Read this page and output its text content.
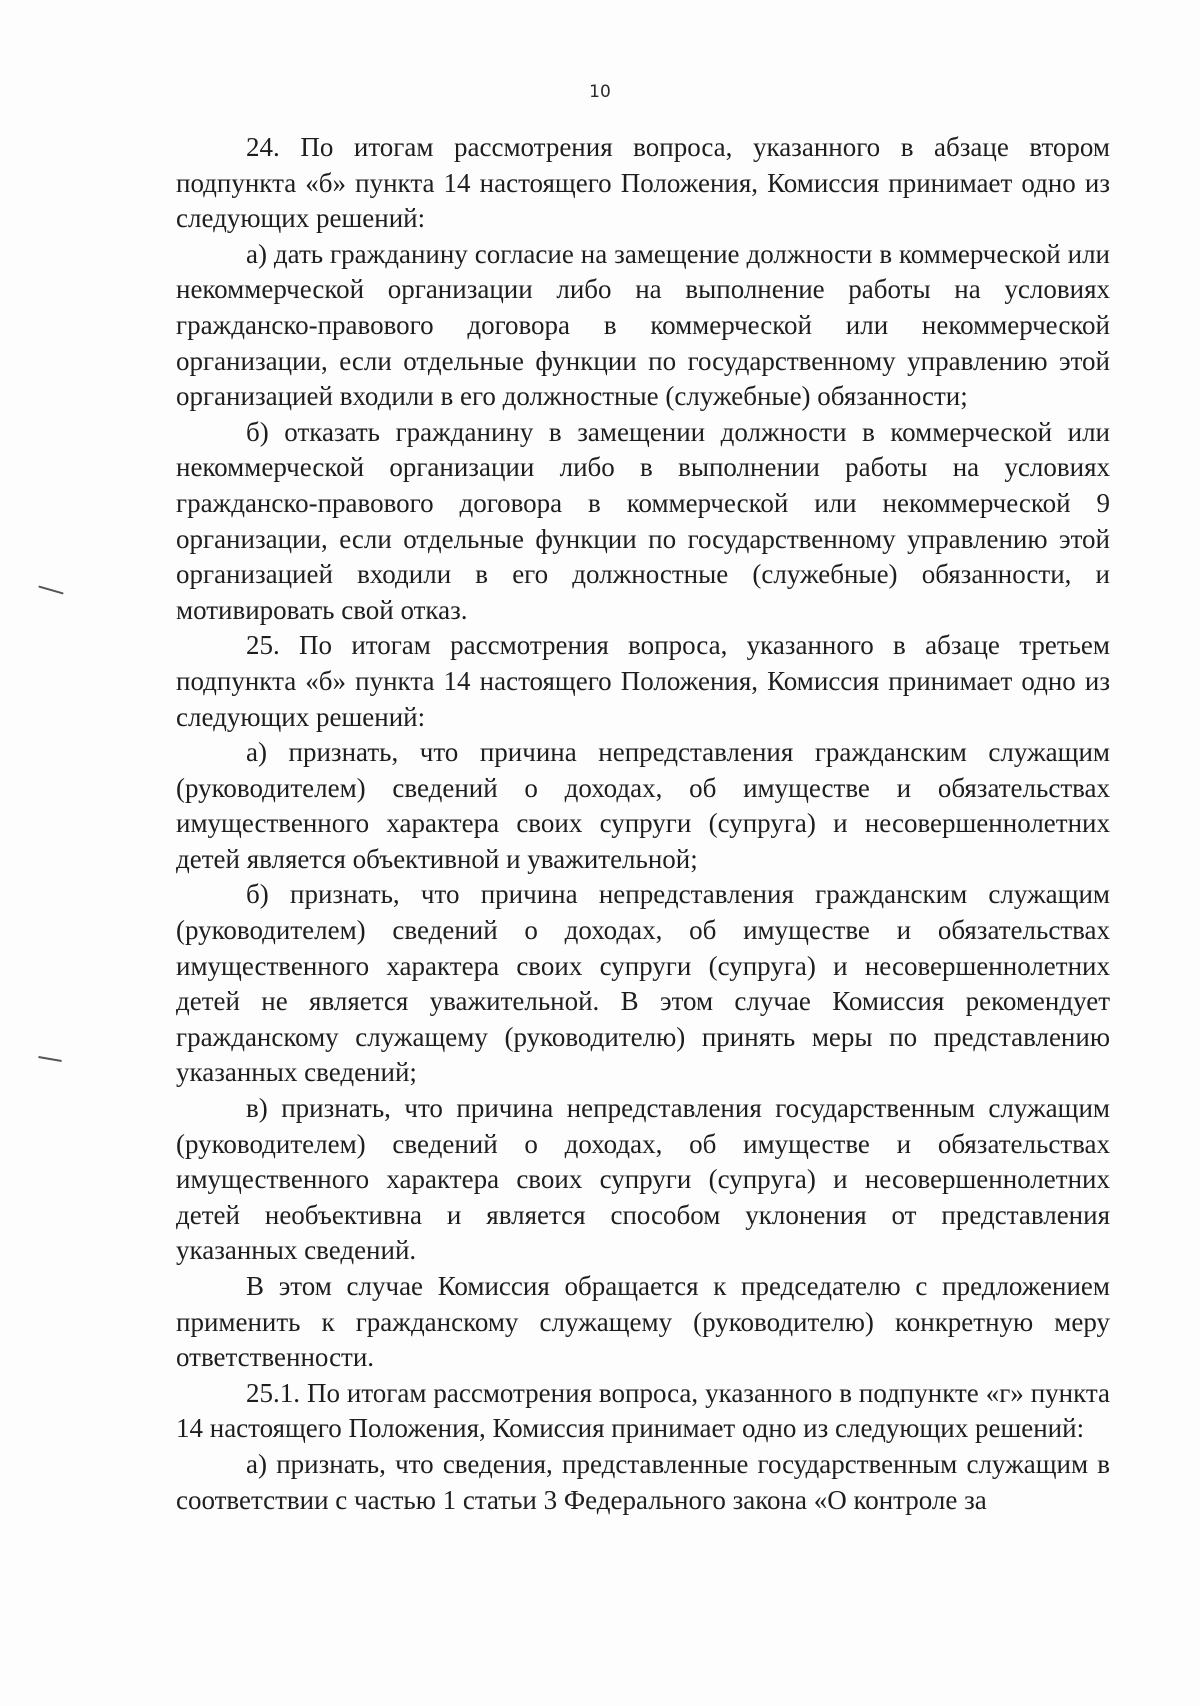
10

24. По итогам рассмотрения вопроса, указанного в абзаце втором подпункта «б» пункта 14 настоящего Положения, Комиссия принимает одно из следующих решений:

а) дать гражданину согласие на замещение должности в коммерческой или некоммерческой организации либо на выполнение работы на условиях гражданско-правового договора в коммерческой или некоммерческой организации, если отдельные функции по государственному управлению этой организацией входили в его должностные (служебные) обязанности;

б) отказать гражданину в замещении должности в коммерческой или некоммерческой организации либо в выполнении работы на условиях гражданско-правового договора в коммерческой или некоммерческой 9 организации, если отдельные функции по государственному управлению этой организацией входили в его должностные (служебные) обязанности, и мотивировать свой отказ.

25. По итогам рассмотрения вопроса, указанного в абзаце третьем подпункта «б» пункта 14 настоящего Положения, Комиссия принимает одно из следующих решений:

а) признать, что причина непредставления гражданским служащим (руководителем) сведений о доходах, об имуществе и обязательствах имущественного характера своих супруги (супруга) и несовершеннолетних детей является объективной и уважительной;

б) признать, что причина непредставления гражданским служащим (руководителем) сведений о доходах, об имуществе и обязательствах имущественного характера своих супруги (супруга) и несовершеннолетних детей не является уважительной. В этом случае Комиссия рекомендует гражданскому служащему (руководителю) принять меры по представлению указанных сведений;

в) признать, что причина непредставления государственным служащим (руководителем) сведений о доходах, об имуществе и обязательствах имущественного характера своих супруги (супруга) и несовершеннолетних детей необъективна и является способом уклонения от представления указанных сведений.

В этом случае Комиссия обращается к председателю с предложением применить к гражданскому служащему (руководителю) конкретную меру ответственности.

25.1. По итогам рассмотрения вопроса, указанного в подпункте «г» пункта 14 настоящего Положения, Комиссия принимает одно из следующих решений:

а) признать, что сведения, представленные государственным служащим в соответствии с частью 1 статьи 3 Федерального закона «О контроле за
